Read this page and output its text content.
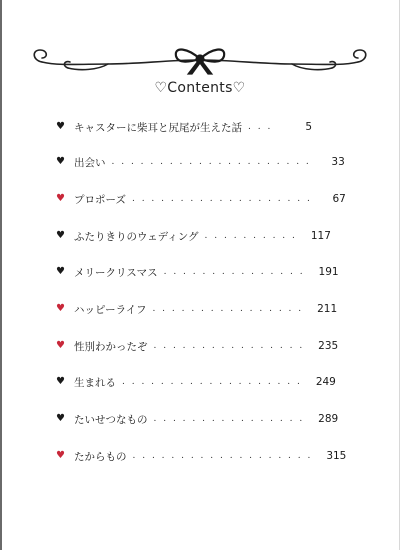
♡Contents♡
♥ キャスターに柴耳と尻尾が生えた話 . . .	5
♥ 出会い . . . . . . . . . . . . . . . . . . . . .	33
♥ プロポーズ . . . . . . . . . . . . . . . . . . .	67
♥ ふたりきりのウェディング . . . . . . . . . .	117
♥ メリークリスマス . . . . . . . . . . . . . . .	191
♥ ハッピーライフ . . . . . . . . . . . . . . . .	211
♥ 性別わかったぞ . . . . . . . . . . . . . . . .	235
♥ 生まれる . . . . . . . . . . . . . . . . . . .	249
♥ たいせつなもの . . . . . . . . . . . . . . . .	289
♥ たからもの . . . . . . . . . . . . . . . . . . .	315
